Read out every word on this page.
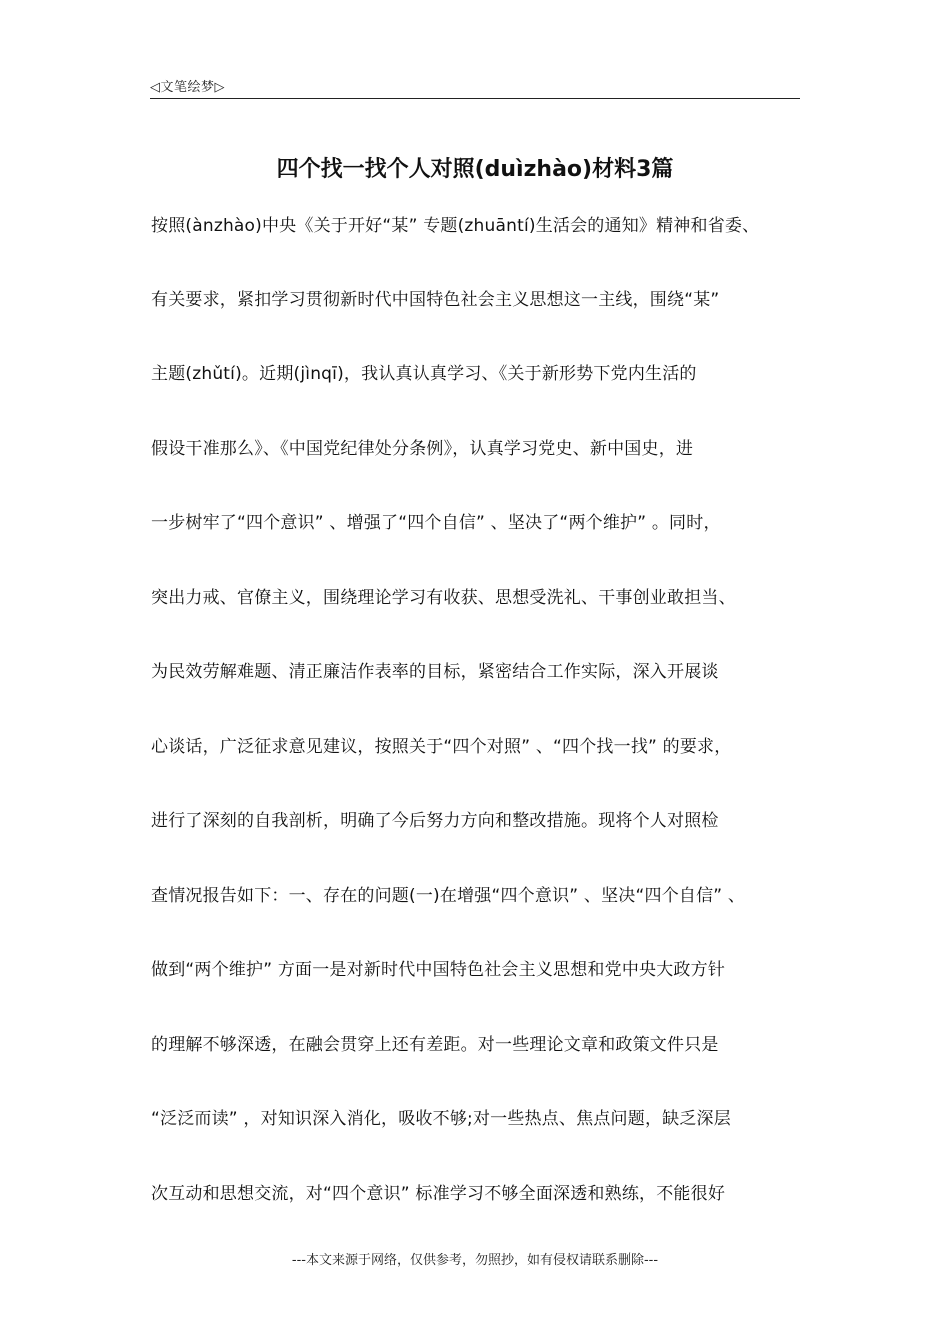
◁文笔绘梦▷
四个找一找个人对照(duìzhào)材料3篇
按照(ànzhào)中央《关于开好“某” 专题(zhuāntí)生活会的通知》精神和省委、
有关要求，紧扣学习贯彻新时代中国特色社会主义思想这一主线，围绕“某”
主题(zhǔtí)。近期(jìnqī)，我认真认真学习、《关于新形势下党内生活的
假设干准那么》、《中国党纪律处分条例》，认真学习党史、新中国史，进
一步树牢了“四个意识” 、增强了“四个自信” 、坚决了“两个维护” 。同时，
突出力戒、官僚主义，围绕理论学习有收获、思想受洗礼、干事创业敢担当、
为民效劳解难题、清正廉洁作表率的目标，紧密结合工作实际，深入开展谈
心谈话，广泛征求意见建议，按照关于“四个对照” 、“四个找一找” 的要求，
进行了深刻的自我剖析，明确了今后努力方向和整改措施。现将个人对照检
查情况报告如下：一、存在的问题(一)在增强“四个意识” 、坚决“四个自信” 、
做到“两个维护” 方面一是对新时代中国特色社会主义思想和党中央大政方针
的理解不够深透，在融会贯穿上还有差距。对一些理论文章和政策文件只是
“泛泛而读” ，对知识深入消化，吸收不够;对一些热点、焦点问题，缺乏深层
次互动和思想交流，对“四个意识” 标准学习不够全面深透和熟练，不能很好
---本文来源于网络，仅供参考，勿照抄，如有侵权请联系删除---
